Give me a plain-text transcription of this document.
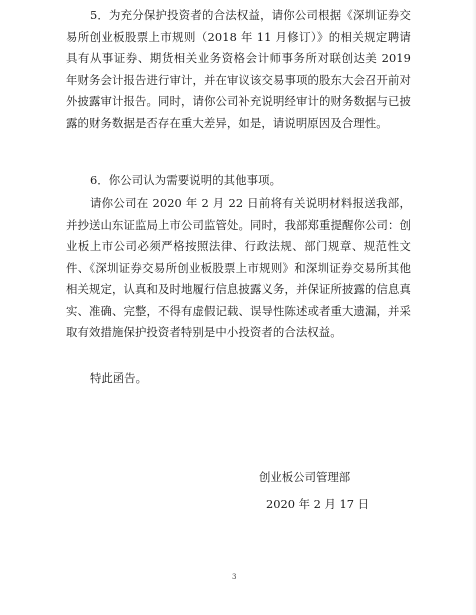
5．为充分保护投资者的合法权益，请你公司根据《深圳证券交易所创业板股票上市规则（2018 年 11 月修订）》的相关规定聘请具有从事证券、期货相关业务资格会计师事务所对联创达美 2019 年财务会计报告进行审计，并在审议该交易事项的股东大会召开前对外披露审计报告。同时，请你公司补充说明经审计的财务数据与已披露的财务数据是否存在重大差异，如是，请说明原因及合理性。

6．你公司认为需要说明的其他事项。

请你公司在 2020 年 2 月 22 日前将有关说明材料报送我部，并抄送山东证监局上市公司监管处。同时，我部郑重提醒你公司：创业板上市公司必须严格按照法律、行政法规、部门规章、规范性文件、《深圳证券交易所创业板股票上市规则》和深圳证券交易所其他相关规定，认真和及时地履行信息披露义务，并保证所披露的信息真实、准确、完整，不得有虚假记载、误导性陈述或者重大遗漏，并采取有效措施保护投资者特别是中小投资者的合法权益。

特此函告。
创业板公司管理部
2020 年 2 月 17 日
3
